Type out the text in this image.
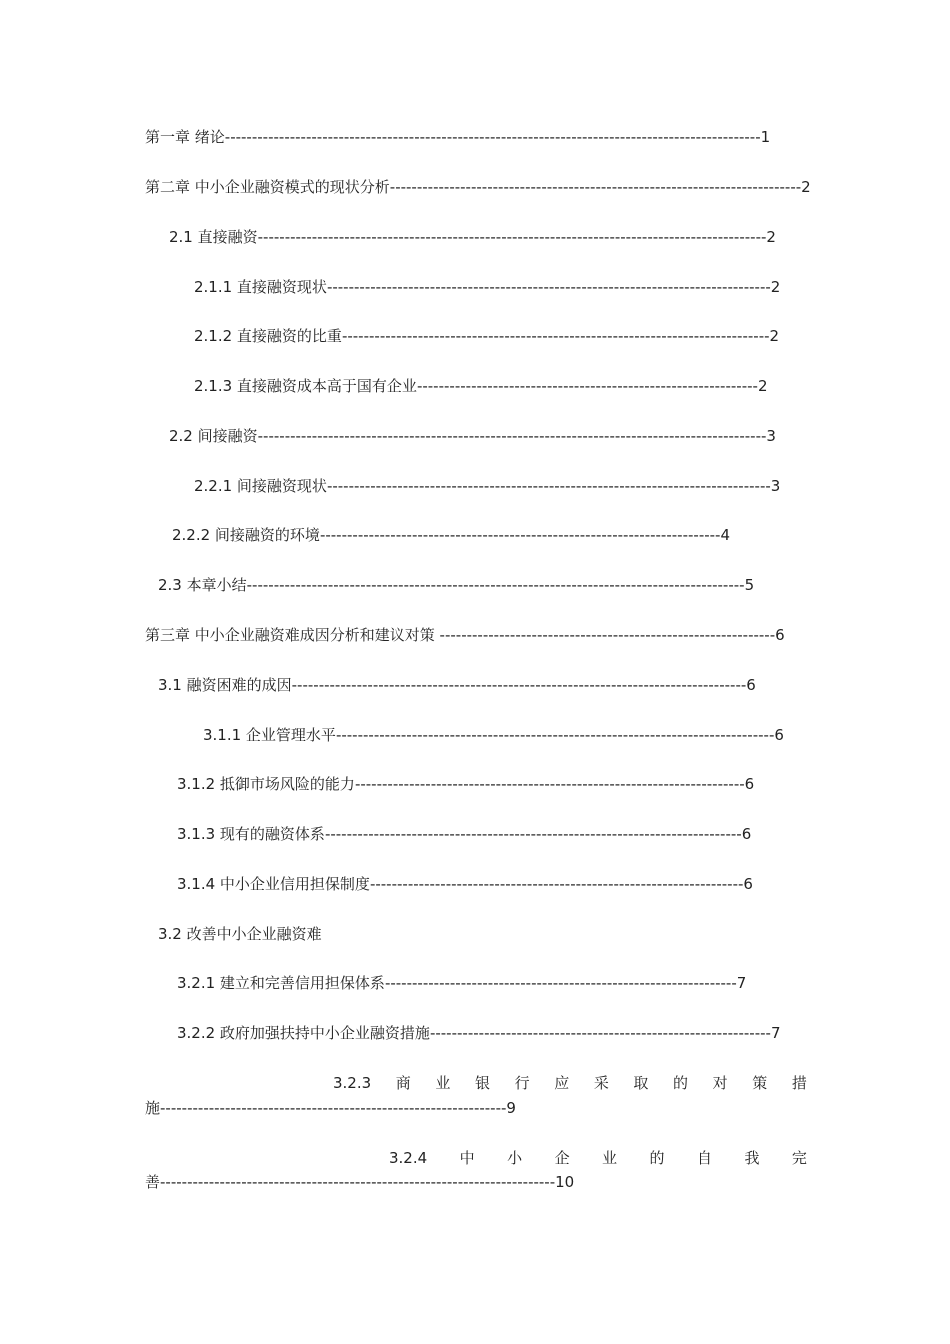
第一章 绪论---------------------------------------------------------------------------------------------------1
第二章 中小企业融资模式的现状分析----------------------------------------------------------------------------2
2.1 直接融资----------------------------------------------------------------------------------------------2
2.1.1 直接融资现状----------------------------------------------------------------------------------2
2.1.2 直接融资的比重-------------------------------------------------------------------------------2
2.1.3 直接融资成本高于国有企业---------------------------------------------------------------2
2.2 间接融资----------------------------------------------------------------------------------------------3
2.2.1 间接融资现状----------------------------------------------------------------------------------3
2.2.2 间接融资的环境--------------------------------------------------------------------------4
2.3 本章小结--------------------------------------------------------------------------------------------5
第三章 中小企业融资难成因分析和建议对策 --------------------------------------------------------------6
3.1 融资困难的成因------------------------------------------------------------------------------------6
3.1.1 企业管理水平---------------------------------------------------------------------------------6
3.1.2 抵御市场风险的能力------------------------------------------------------------------------6
3.1.3 现有的融资体系-----------------------------------------------------------------------------6
3.1.4 中小企业信用担保制度---------------------------------------------------------------------6
3.2 改善中小企业融资难
3.2.1 建立和完善信用担保体系-----------------------------------------------------------------7
3.2.2 政府加强扶持中小企业融资措施---------------------------------------------------------------7
3.2.3 商 业 银 行 应 采 取 的 对 策 措
施----------------------------------------------------------------9
3.2.4 中 小 企 业 的 自 我 完
善-------------------------------------------------------------------------10
